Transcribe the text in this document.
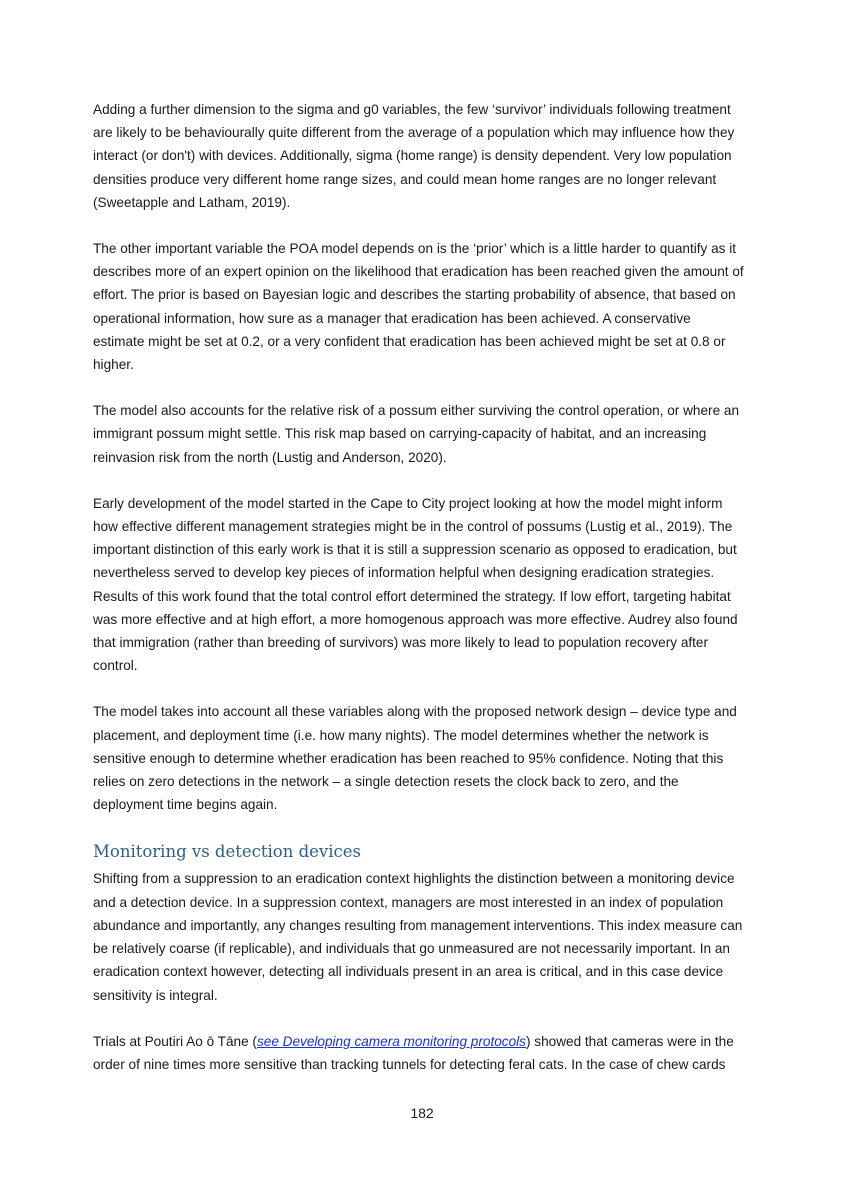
Adding a further dimension to the sigma and g0 variables, the few ‘survivor’ individuals following treatment are likely to be behaviourally quite different from the average of a population which may influence how they interact (or don't) with devices. Additionally, sigma (home range) is density dependent. Very low population densities produce very different home range sizes, and could mean home ranges are no longer relevant (Sweetapple and Latham, 2019).

The other important variable the POA model depends on is the ‘prior’ which is a little harder to quantify as it describes more of an expert opinion on the likelihood that eradication has been reached given the amount of effort. The prior is based on Bayesian logic and describes the starting probability of absence, that based on operational information, how sure as a manager that eradication has been achieved. A conservative estimate might be set at 0.2, or a very confident that eradication has been achieved might be set at 0.8 or higher.

The model also accounts for the relative risk of a possum either surviving the control operation, or where an immigrant possum might settle. This risk map based on carrying-capacity of habitat, and an increasing reinvasion risk from the north (Lustig and Anderson, 2020).

Early development of the model started in the Cape to City project looking at how the model might inform how effective different management strategies might be in the control of possums (Lustig et al., 2019). The important distinction of this early work is that it is still a suppression scenario as opposed to eradication, but nevertheless served to develop key pieces of information helpful when designing eradication strategies. Results of this work found that the total control effort determined the strategy. If low effort, targeting habitat was more effective and at high effort, a more homogenous approach was more effective. Audrey also found that immigration (rather than breeding of survivors) was more likely to lead to population recovery after control.

The model takes into account all these variables along with the proposed network design – device type and placement, and deployment time (i.e. how many nights). The model determines whether the network is sensitive enough to determine whether eradication has been reached to 95% confidence. Noting that this relies on zero detections in the network – a single detection resets the clock back to zero, and the deployment time begins again.

Monitoring vs detection devices

Shifting from a suppression to an eradication context highlights the distinction between a monitoring device and a detection device. In a suppression context, managers are most interested in an index of population abundance and importantly, any changes resulting from management interventions. This index measure can be relatively coarse (if replicable), and individuals that go unmeasured are not necessarily important. In an eradication context however, detecting all individuals present in an area is critical, and in this case device sensitivity is integral.

Trials at Poutiri Ao ō Tāne (see Developing camera monitoring protocols) showed that cameras were in the order of nine times more sensitive than tracking tunnels for detecting feral cats. In the case of chew cards

182
